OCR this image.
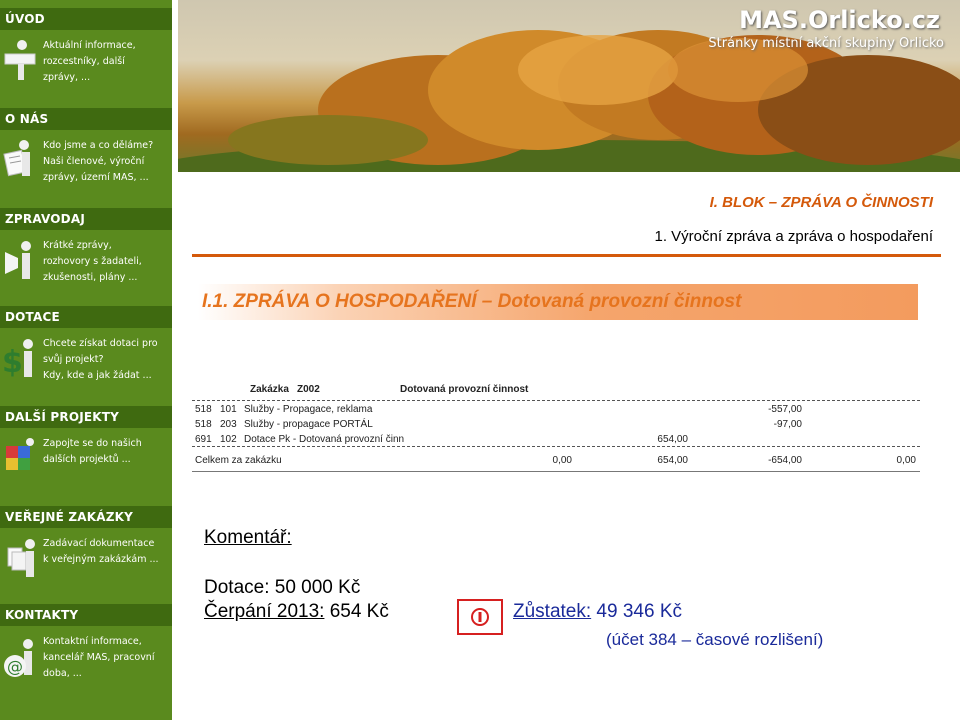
ÚVOD
Aktuální informace,
rozcestníky, další
zprávy, ...
O NÁS
Kdo jsme a co děláme?
Naši členové, výroční
zprávy, území MAS, ...
ZPRAVODAJ
Krátké zprávy,
rozhovory s žadateli,
zkušenosti, plány ...
DOTACE
$
Chcete získat dotaci pro
svůj projekt?
Kdy, kde a jak žádat ...
DALŠÍ PROJEKTY
Zapojte se do našich
dalších projektů ...
VEŘEJNÉ ZAKÁZKY
Zadávací dokumentace
k veřejným zakázkám ...
KONTAKTY
@
Kontaktní informace,
kancelář MAS, pracovní
doba, ...
MAS.Orlicko.cz
Stránky místní akční skupiny Orlicko
I. BLOK – ZPRÁVA O ČINNOSTI
1. Výroční zpráva a zpráva o hospodaření
I.1. ZPRÁVA O HOSPODAŘENÍ – Dotovaná provozní činnost
Zakázka Z002	Dotovaná provozní činnost
518 101 Služby - Propagace, reklama	-557,00
518 203 Služby - propagace PORTÁL	-97,00
691 102 Dotace Pk - Dotovaná provozní činn	654,00
Celkem za zakázku	0,00	654,00	-654,00	0,00
Komentář:
Dotace: 50 000 Kč
Čerpání 2013: 654 Kč	Zůstatek: 49 346 Kč
(účet 384 – časové rozlišení)
